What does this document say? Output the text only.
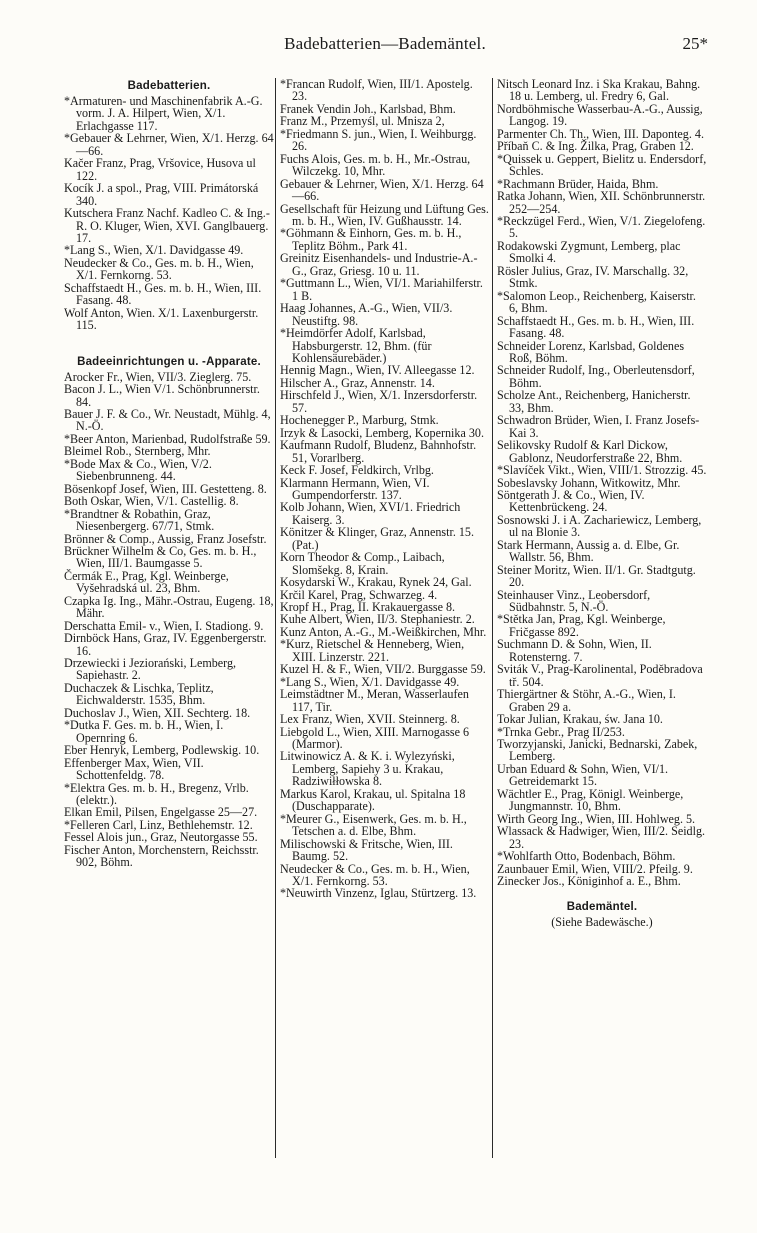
Badebatterien—Bademäntel.	25*
Badebatterien.

*Armaturen- und Maschinenfabrik A.-G. vorm. J. A. Hilpert, Wien, X/1. Erlachgasse 117.

*Gebauer & Lehrner, Wien, X/1. Herzg. 64—66.

Kačer Franz, Prag, Vršovice, Husova ul 122.

Kocík J. a spol., Prag, VIII. Primátorská 340.

Kutschera Franz Nachf. Kadleo C. & Ing.-R. O. Kluger, Wien, XVI. Ganglbauerg. 17.

*Lang S., Wien, X/1. Davidgasse 49.

Neudecker & Co., Ges. m. b. H., Wien, X/1. Fernkorng. 53.

Schaffstaedt H., Ges. m. b. H., Wien, III. Fasang. 48.

Wolf Anton, Wien. X/1. Laxenburgerstr. 115.

Badeeinrichtungen u. -Apparate.

Arocker Fr., Wien, VII/3. Zieglerg. 75.

Bacon J. L., Wien V/1. Schönbrunnerstr. 84.

Bauer J. F. & Co., Wr. Neustadt, Mühlg. 4, N.-Ö.

*Beer Anton, Marienbad, Rudolfstraße 59.

Bleimel Rob., Sternberg, Mhr.

*Bode Max & Co., Wien, V/2. Siebenbrunneng. 44.

Bösenkopf Josef, Wien, III. Gestetteng. 8.

Both Oskar, Wien, V/1. Castellig. 8.

*Brandtner & Robathin, Graz, Niesenbergerg. 67/71, Stmk.

Brönner & Comp., Aussig, Franz Josefstr.

Brückner Wilhelm & Co, Ges. m. b. H., Wien, III/1. Baumgasse 5.

Čermák E., Prag, Kgl. Weinberge, Vyšehradská ul. 23, Bhm.

Czapka Ig. Ing., Mähr.-Ostrau, Eugeng. 18, Mähr.

Derschatta Emil- v., Wien, I. Stadiong. 9.

Dirnböck Hans, Graz, IV. Eggenbergerstr. 16.

Drzewiecki i Jeziorański, Lemberg, Sapiehastr. 2.

Duchaczek & Lischka, Teplitz, Eichwalderstr. 1535, Bhm.

Duchoslav J., Wien, XII. Sechterg. 18.

*Dutka F. Ges. m. b. H., Wien, I. Opernring 6.

Eber Henryk, Lemberg, Podlewskig. 10.

Effenberger Max, Wien, VII. Schottenfeldg. 78.

*Elektra Ges. m. b. H., Bregenz, Vrlb. (elektr.).

Elkan Emil, Pilsen, Engelgasse 25—27.

*Felleren Carl, Linz, Bethlehemstr. 12.

Fessel Alois jun., Graz, Neutorgasse 55.

Fischer Anton, Morchenstern, Reichsstr. 902, Böhm.

*Francan Rudolf, Wien, III/1. Apostelg. 23.

Franek Vendin Joh., Karlsbad, Bhm.

Franz M., Przemyśl, ul. Mnisza 2,

*Friedmann S. jun., Wien, I. Weihburgg. 26.

Fuchs Alois, Ges. m. b. H., Mr.-Ostrau, Wilczekg. 10, Mhr.

Gebauer & Lehrner, Wien, X/1. Herzg. 64—66.

Gesellschaft für Heizung und Lüftung Ges. m. b. H., Wien, IV. Gußhausstr. 14.

*Göhmann & Einhorn, Ges. m. b. H., Teplitz Böhm., Park 41.

Greinitz Eisenhandels- und Industrie-A.-G., Graz, Griesg. 10 u. 11.

*Guttmann L., Wien, VI/1. Mariahilferstr. 1 B.

Haag Johannes, A.-G., Wien, VII/3. Neustiftg. 98.

*Heimdörfer Adolf, Karlsbad, Habsburgerstr. 12, Bhm. (für Kohlensäurebäder.)

Hennig Magn., Wien, IV. Alleegasse 12.

Hilscher A., Graz, Annenstr. 14.

Hirschfeld J., Wien, X/1. Inzersdorferstr. 57.

Hochenegger P., Marburg, Stmk.

Irzyk & Lasocki, Lemberg, Kopernika 30.

Kaufmann Rudolf, Bludenz, Bahnhofstr. 51, Vorarlberg.

Keck F. Josef, Feldkirch, Vrlbg.

Klarmann Hermann, Wien, VI. Gumpendorferstr. 137.

Kolb Johann, Wien, XVI/1. Friedrich Kaiserg. 3.

Könitzer & Klinger, Graz, Annenstr. 15. (Pat.)

Korn Theodor & Comp., Laibach, Slomšekg. 8, Krain.

Kosydarski W., Krakau, Rynek 24, Gal.

Krčil Karel, Prag, Schwarzeg. 4.

Kropf H., Prag, II. Krakauergasse 8.

Kuhe Albert, Wien, II/3. Stephaniestr. 2.

Kunz Anton, A.-G., M.-Weißkirchen, Mhr.

*Kurz, Rietschel & Henneberg, Wien, XIII. Linzerstr. 221.

Kuzel H. & F., Wien, VII/2. Burggasse 59.

*Lang S., Wien, X/1. Davidgasse 49.

Leimstädtner M., Meran, Wasserlaufen 117, Tir.

Lex Franz, Wien, XVII. Steinnerg. 8.

Liebgold L., Wien, XIII. Marnogasse 6 (Marmor).

Litwinowicz A. & K. i. Wylezyński, Lemberg, Sapiehy 3 u. Krakau, Radziwiłłowska 8.

Markus Karol, Krakau, ul. Spitalna 18 (Duschapparate).

*Meurer G., Eisenwerk, Ges. m. b. H., Tetschen a. d. Elbe, Bhm.

Milischowski & Fritsche, Wien, III. Baumg. 52.

Neudecker & Co., Ges. m. b. H., Wien, X/1. Fernkorng. 53.

*Neuwirth Vinzenz, Iglau, Stürtzerg. 13.

Nitsch Leonard Inz. i Ska Krakau, Bahng. 18 u. Lemberg, ul. Fredry 6, Gal.

Nordböhmische Wasserbau-A.-G., Aussig, Langog. 19.

Parmenter Ch. Th., Wien, III. Daponteg. 4.

Příbaň C. & Ing. Žilka, Prag, Graben 12.

*Quissek u. Geppert, Bielitz u. Endersdorf, Schles.

*Rachmann Brüder, Haida, Bhm.

Ratka Johann, Wien, XII. Schönbrunnerstr. 252—254.

*Reckzügel Ferd., Wien, V/1. Ziegelofeng. 5.

Rodakowski Zygmunt, Lemberg, plac Smolki 4.

Rösler Julius, Graz, IV. Marschallg. 32, Stmk.

*Salomon Leop., Reichenberg, Kaiserstr. 6, Bhm.

Schaffstaedt H., Ges. m. b. H., Wien, III. Fasang. 48.

Schneider Lorenz, Karlsbad, Goldenes Roß, Böhm.

Schneider Rudolf, Ing., Oberleutensdorf, Böhm.

Scholze Ant., Reichenberg, Hanicherstr. 33, Bhm.

Schwadron Brüder, Wien, I. Franz Josefs-Kai 3.

Selikovsky Rudolf & Karl Dickow, Gablonz, Neudorferstraße 22, Bhm.

*Slavíček Vikt., Wien, VIII/1. Strozzig. 45.

Sobeslavsky Johann, Witkowitz, Mhr.

Söntgerath J. & Co., Wien, IV. Kettenbrückeng. 24.

Sosnowski J. i A. Zachariewicz, Lemberg, ul na Blonie 3.

Stark Hermann, Aussig a. d. Elbe, Gr. Wallstr. 56, Bhm.

Steiner Moritz, Wien. II/1. Gr. Stadtgutg. 20.

Steinhauser Vinz., Leobersdorf, Südbahnstr. 5, N.-Ö.

*Stětka Jan, Prag, Kgl. Weinberge, Fričgasse 892.

Suchmann D. & Sohn, Wien, II. Rotensterng. 7.

Sviták V., Prag-Karolinental, Poděbradova tř. 504.

Thiergärtner & Stöhr, A.-G., Wien, I. Graben 29 a.

Tokar Julian, Krakau, św. Jana 10.

*Trnka Gebr., Prag II/253.

Tworzyjanski, Janicki, Bednarski, Zabek, Lemberg.

Urban Eduard & Sohn, Wien, VI/1. Getreidemarkt 15.

Wächtler E., Prag, Königl. Weinberge, Jungmannstr. 10, Bhm.

Wirth Georg Ing., Wien, III. Hohlweg. 5.

Wlassack & Hadwiger, Wien, III/2. Seidlg. 23.

*Wohlfarth Otto, Bodenbach, Böhm.

Zaunbauer Emil, Wien, VIII/2. Pfeilg. 9.

Zinecker Jos., Königinhof a. E., Bhm.

Bademäntel.
(Siehe Badewäsche.)
